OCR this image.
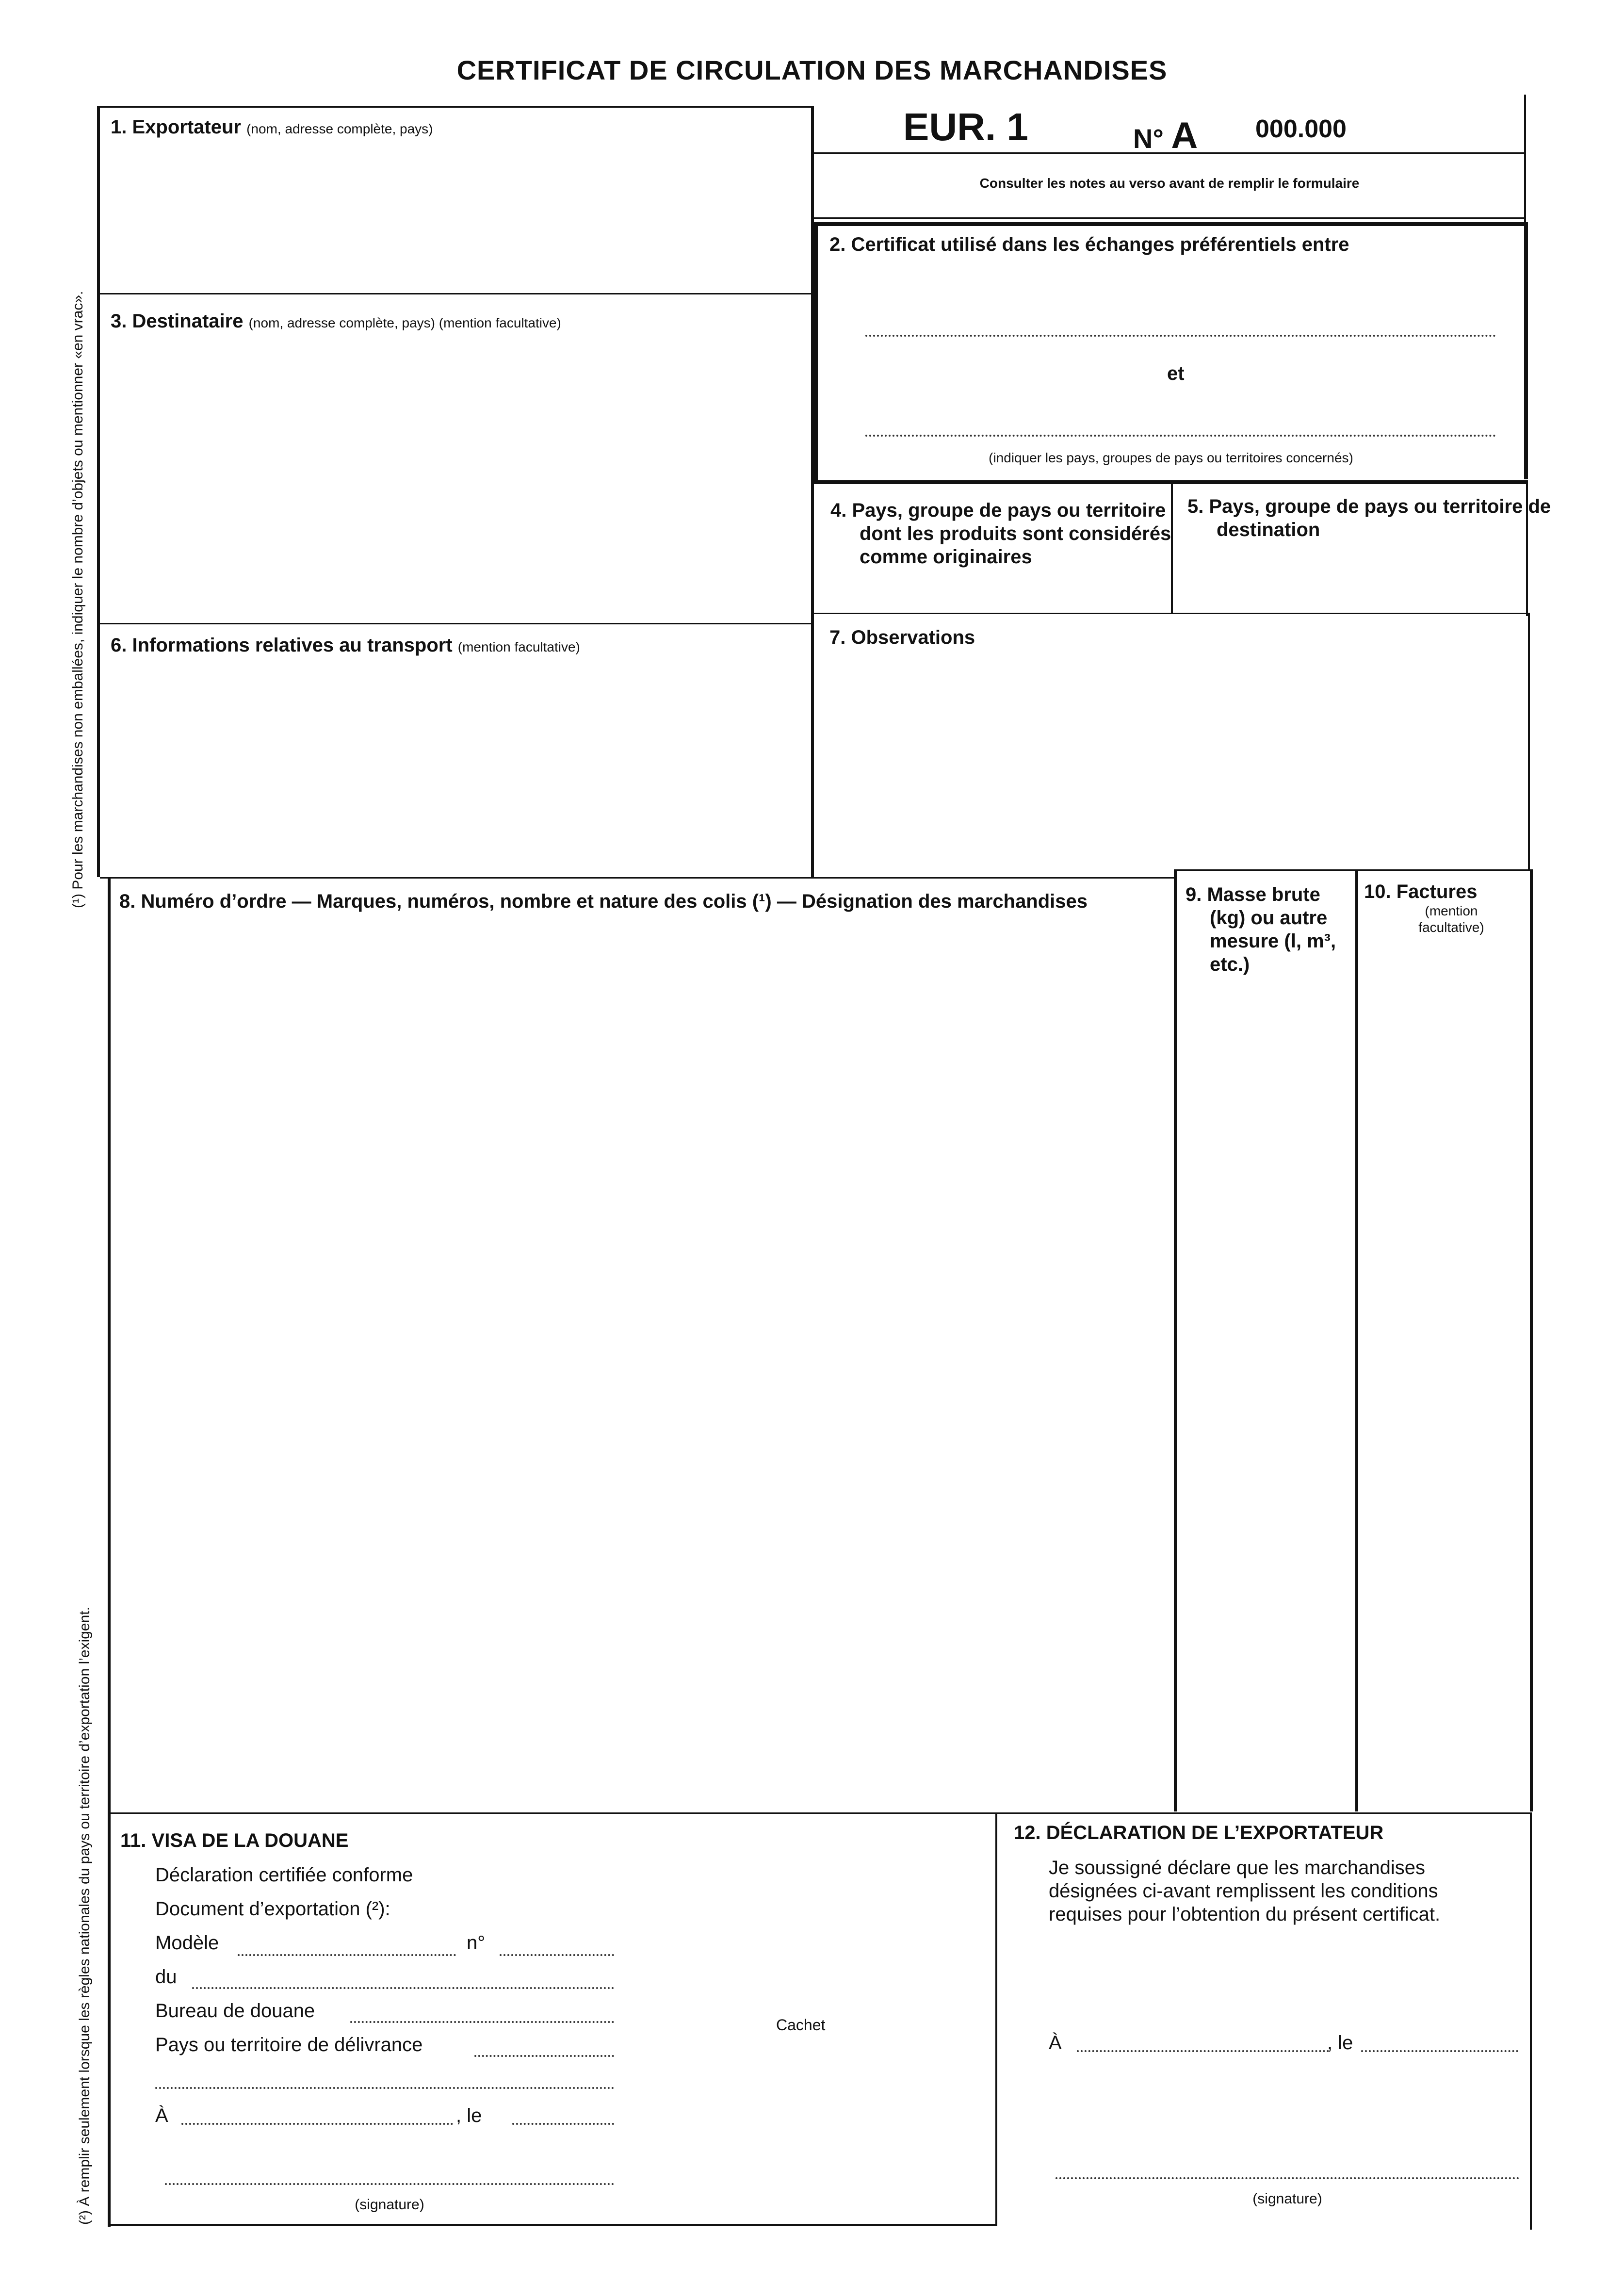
CERTIFICAT DE CIRCULATION DES MARCHANDISES
EUR. 1	N° A 000.000
Consulter les notes au verso avant de remplir le formulaire
1. Exportateur (nom, adresse complète, pays)
2. Certificat utilisé dans les échanges préférentiels entre
et
(indiquer les pays, groupes de pays ou territoires concernés)
3. Destinataire (nom, adresse complète, pays) (mention facultative)
4. Pays, groupe de pays ou territoire dont les produits sont considérés comme originaires
5. Pays, groupe de pays ou territoire de destination
6. Informations relatives au transport (mention facultative)	7. Observations
8. Numéro d’ordre — Marques, numéros, nombre et nature des colis (¹) — Désignation des marchandises	9. Masse brute (kg) ou autre mesure (l, m³, etc.)
10. Factures
(mention facultative)
11. VISA DE LA DOUANE
Déclaration certifiée conforme
Document d’exportation (²):
Modèle	n°
du
Bureau de douane
Pays ou territoire de délivrance
À	, le
(signature)
Cachet
12. DÉCLARATION DE L’EXPORTATEUR
Je soussigné déclare que les marchandises
désignées ci-avant remplissent les conditions
requises pour l’obtention du présent certificat.
À	, le
(signature)
(¹) Pour les marchandises non emballées, indiquer le nombre d’objets ou mentionner «en vrac».
(²) À remplir seulement lorsque les règles nationales du pays ou territoire d’exportation l’exigent.
